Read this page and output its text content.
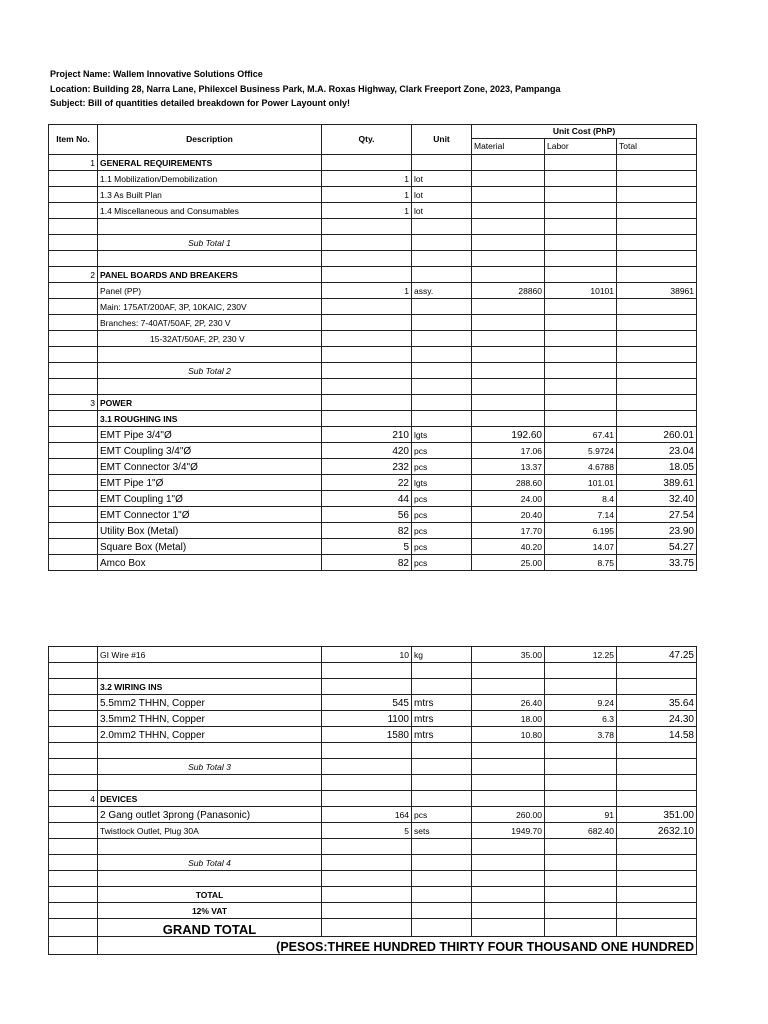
Project Name: Wallem Innovative Solutions Office
Location: Building 28, Narra Lane, Philexcel Business Park, M.A. Roxas Highway, Clark Freeport Zone, 2023, Pampanga
Subject: Bill of quantities detailed breakdown for Power Layount only!
Item No.	Description	Qty.	Unit	Unit Cost (PhP)		
				Material	Labor	Total
1	GENERAL REQUIREMENTS					
	1.1 Mobilization/Demobilization	1	lot			
	1.3 As Built Plan	1	lot			
	1.4 Miscellaneous and Consumables	1	lot			

	Sub Total 1					

2	PANEL BOARDS AND BREAKERS					
	Panel (PP)	1	assy.	28860	10101	38961
	Main: 175AT/200AF, 3P, 10KAIC, 230V					
	Branches: 7-40AT/50AF, 2P, 230 V					
	15-32AT/50AF, 2P, 230 V					

	Sub Total 2					

3	POWER					
	3.1 ROUGHING INS					
	EMT Pipe 3/4"Ø	210	lgts	192.60	67.41	260.01
	EMT Coupling 3/4"Ø	420	pcs	17.06	5.9724	23.04
	EMT Connector 3/4"Ø	232	pcs	13.37	4.6788	18.05
	EMT Pipe 1"Ø	22	lgts	288.60	101.01	389.61
	EMT Coupling 1"Ø	44	pcs	24.00	8.4	32.40
	EMT Connector 1"Ø	56	pcs	20.40	7.14	27.54
	Utility Box (Metal)	82	pcs	17.70	6.195	23.90
	Square Box (Metal)	5	pcs	40.20	14.07	54.27
	Amco Box	82	pcs	25.00	8.75	33.75
	GI Wire #16	10	kg	35.00	12.25	47.25

	3.2 WIRING INS					
	5.5mm2 THHN, Copper	545	mtrs	26.40	9.24	35.64
	3.5mm2 THHN, Copper	1100	mtrs	18.00	6.3	24.30
	2.0mm2 THHN, Copper	1580	mtrs	10.80	3.78	14.58

	Sub Total 3					

4	DEVICES					
	2 Gang outlet 3prong (Panasonic)	164	pcs	260.00	91	351.00
	Twistlock Outlet, Plug 30A	5	sets	1949.70	682.40	2632.10

	Sub Total 4					

	TOTAL					
	12% VAT					
	GRAND TOTAL					
	(PESOS:THREE HUNDRED THIRTY FOUR THOUSAND ONE HUNDRED					
